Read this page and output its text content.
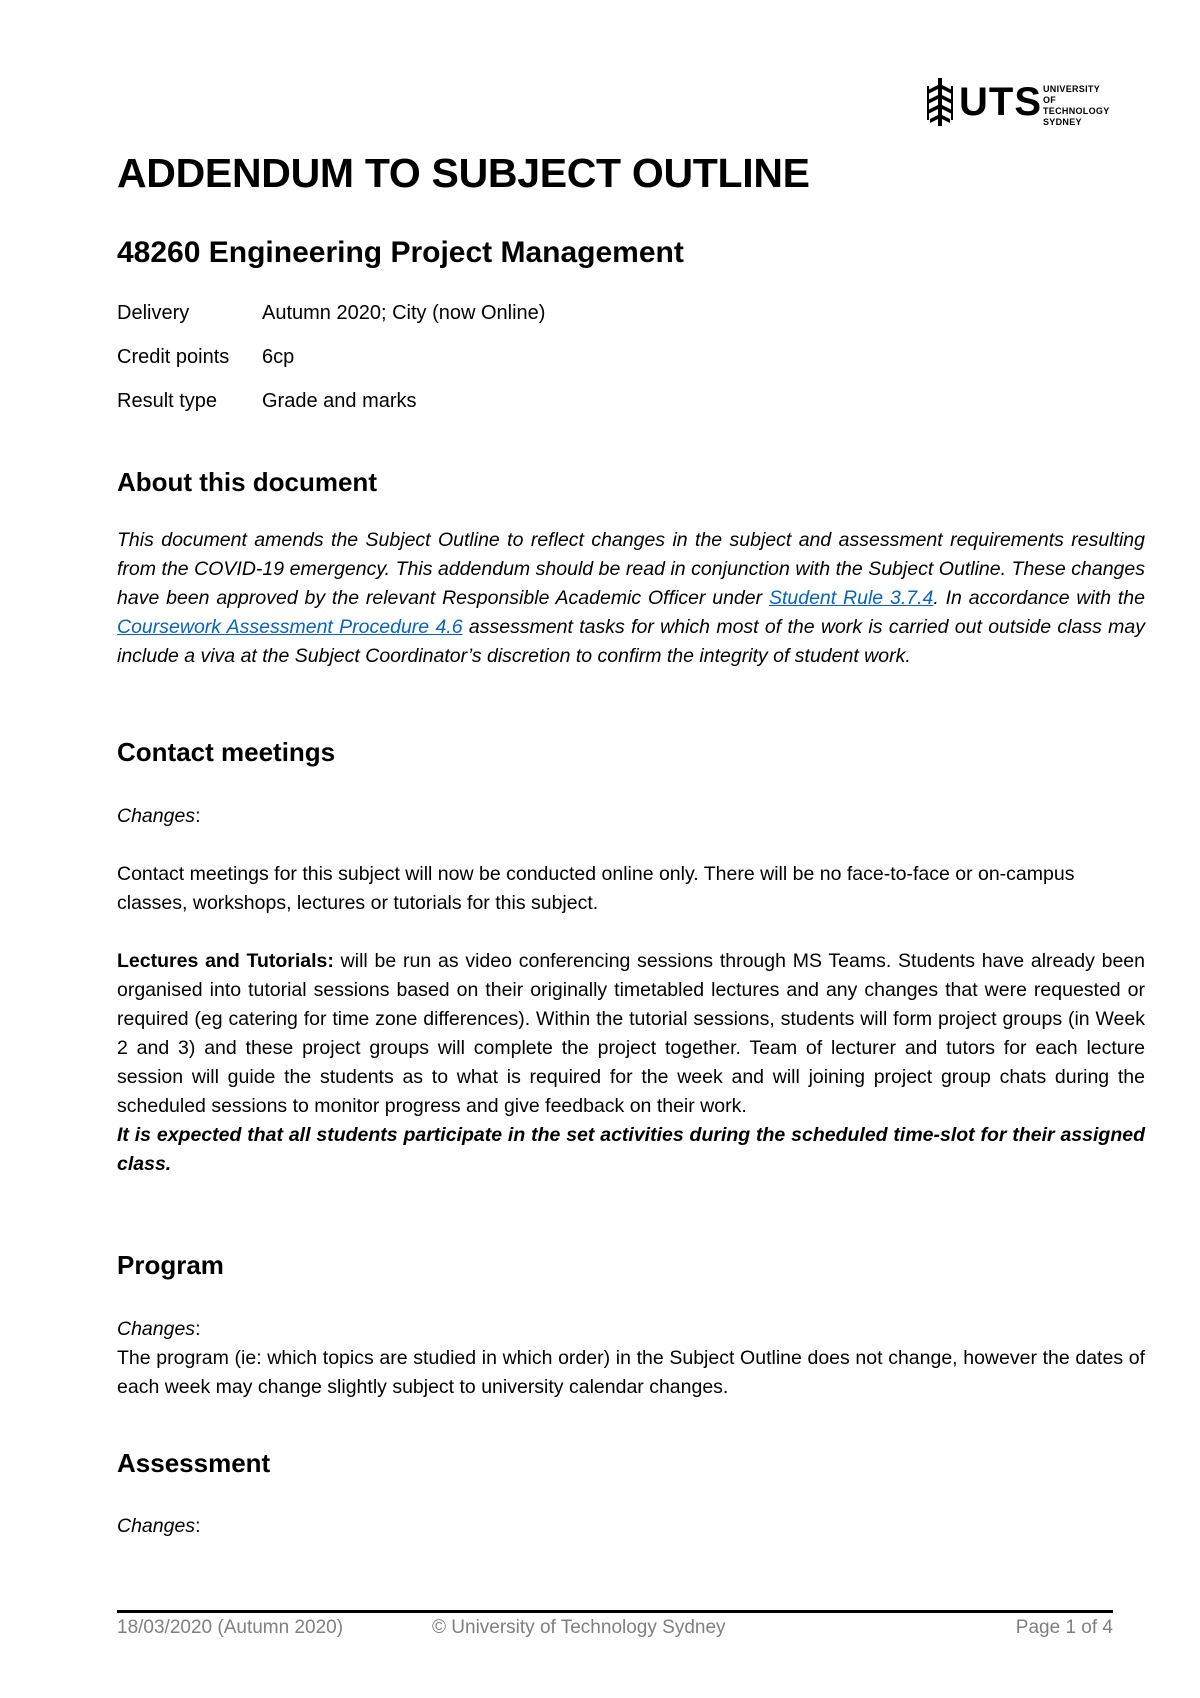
UTS UNIVERSITY
OF TECHNOLOGY
SYDNEY
ADDENDUM TO SUBJECT OUTLINE
48260 Engineering Project Management
Delivery	Autumn 2020; City (now Online)
Credit points 6cp
Result type Grade and marks
About this document

This document amends the Subject Outline to reflect changes in the subject and assessment requirements resulting from the COVID-19 emergency. This addendum should be read in conjunction with the Subject Outline. These changes have been approved by the relevant Responsible Academic Officer under Student Rule 3.7.4. In accordance with the Coursework Assessment Procedure 4.6 assessment tasks for which most of the work is carried out outside class may include a viva at the Subject Coordinator’s discretion to confirm the integrity of student work.

Contact meetings

Changes:

Contact meetings for this subject will now be conducted online only. There will be no face-to-face or on-campus classes, workshops, lectures or tutorials for this subject.

Lectures and Tutorials: will be run as video conferencing sessions through MS Teams. Students have already been organised into tutorial sessions based on their originally timetabled lectures and any changes that were requested or required (eg catering for time zone differences). Within the tutorial sessions, students will form project groups (in Week 2 and 3) and these project groups will complete the project together. Team of lecturer and tutors for each lecture session will guide the students as to what is required for the week and will joining project group chats during the scheduled sessions to monitor progress and give feedback on their work.
It is expected that all students participate in the set activities during the scheduled time-slot for their assigned class.

Program

Changes:

The program (ie: which topics are studied in which order) in the Subject Outline does not change, however the dates of each week may change slightly subject to university calendar changes.

Assessment

Changes:

18/03/2020 (Autumn 2020)	© University of Technology Sydney	Page 1 of 4
